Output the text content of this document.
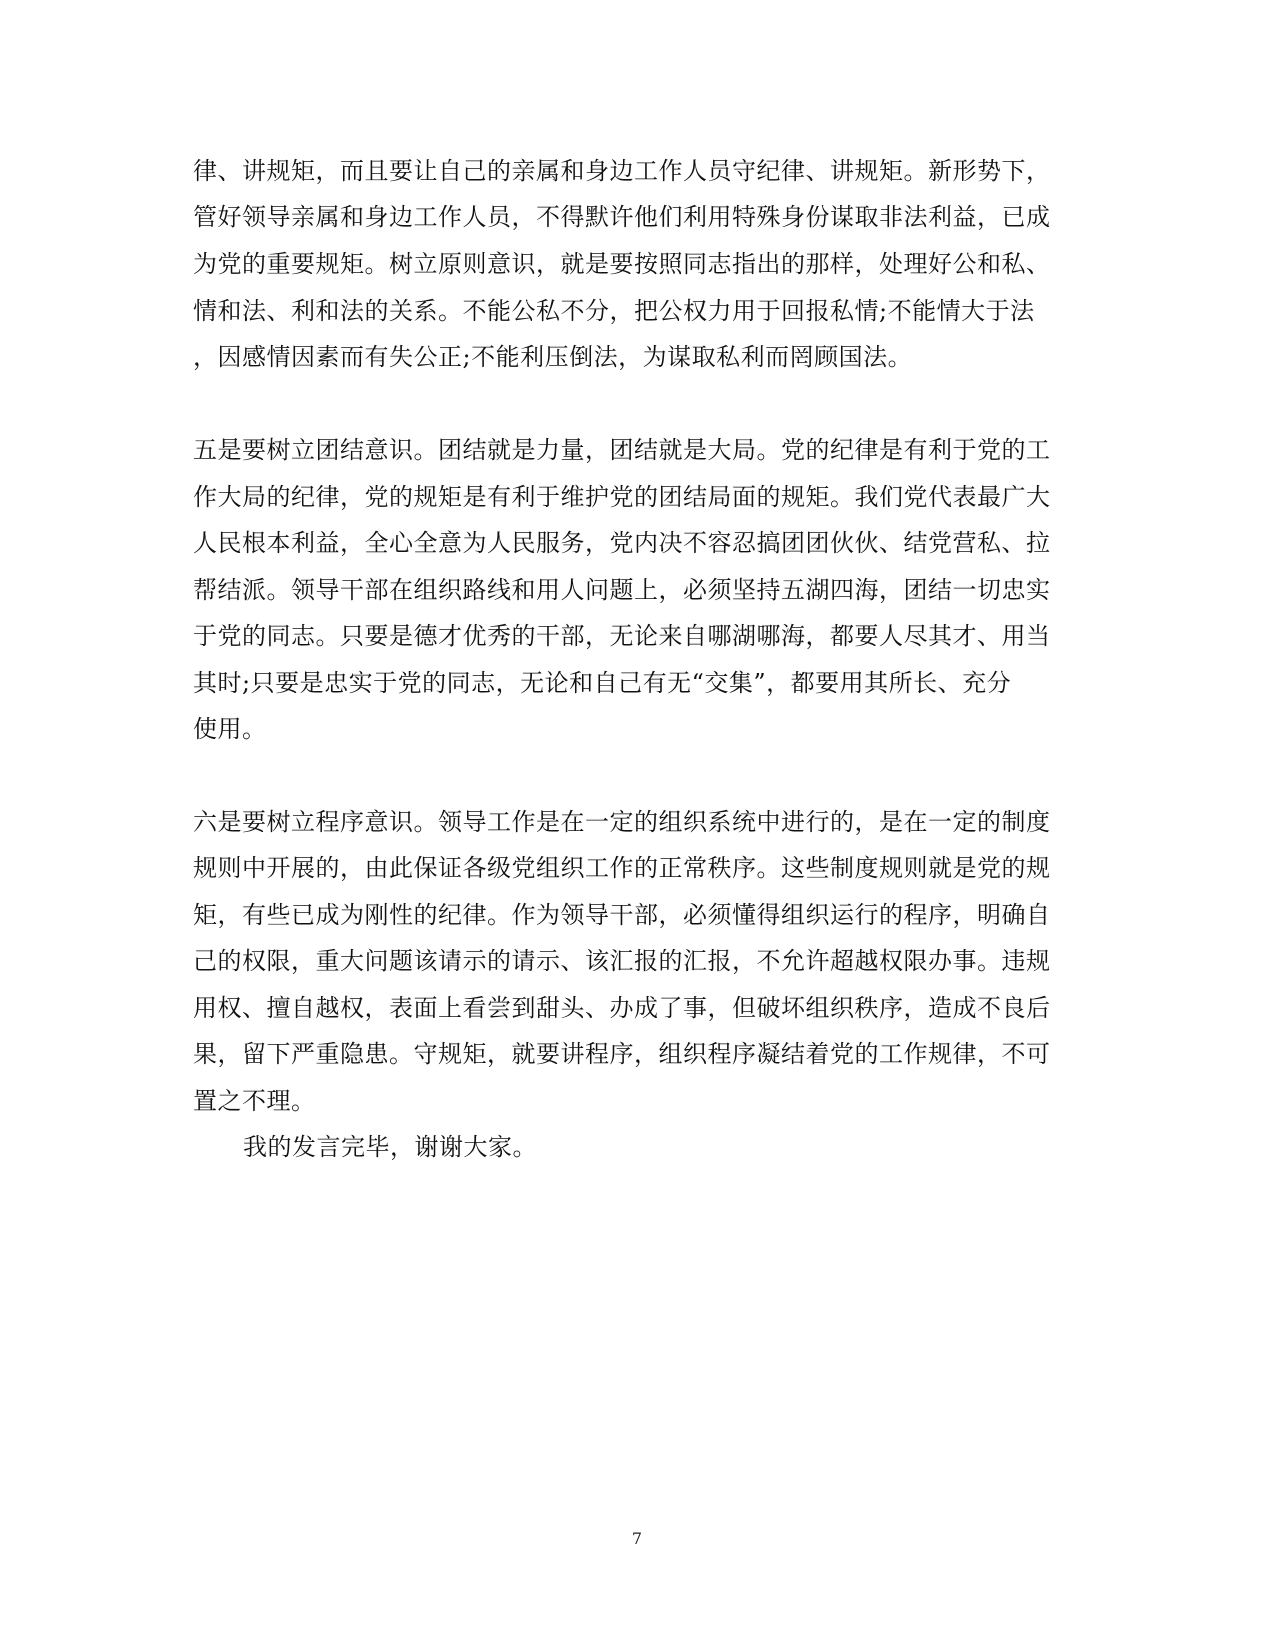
律、讲规矩，而且要让自己的亲属和身边工作人员守纪律、讲规矩。新形势下，
管好领导亲属和身边工作人员，不得默许他们利用特殊身份谋取非法利益，已成
为党的重要规矩。树立原则意识，就是要按照同志指出的那样，处理好公和私、
情和法、利和法的关系。不能公私不分，把公权力用于回报私情;不能情大于法
，因感情因素而有失公正;不能利压倒法，为谋取私利而罔顾国法。
五是要树立团结意识。团结就是力量，团结就是大局。党的纪律是有利于党的工
作大局的纪律，党的规矩是有利于维护党的团结局面的规矩。我们党代表最广大
人民根本利益，全心全意为人民服务，党内决不容忍搞团团伙伙、结党营私、拉
帮结派。领导干部在组织路线和用人问题上，必须坚持五湖四海，团结一切忠实
于党的同志。只要是德才优秀的干部，无论来自哪湖哪海，都要人尽其才、用当
其时;只要是忠实于党的同志，无论和自己有无“交集”，都要用其所长、充分
使用。
六是要树立程序意识。领导工作是在一定的组织系统中进行的，是在一定的制度
规则中开展的，由此保证各级党组织工作的正常秩序。这些制度规则就是党的规
矩，有些已成为刚性的纪律。作为领导干部，必须懂得组织运行的程序，明确自
己的权限，重大问题该请示的请示、该汇报的汇报，不允许超越权限办事。违规
用权、擅自越权，表面上看尝到甜头、办成了事，但破坏组织秩序，造成不良后
果，留下严重隐患。守规矩，就要讲程序，组织程序凝结着党的工作规律，不可
置之不理。
我的发言完毕，谢谢大家。
7
